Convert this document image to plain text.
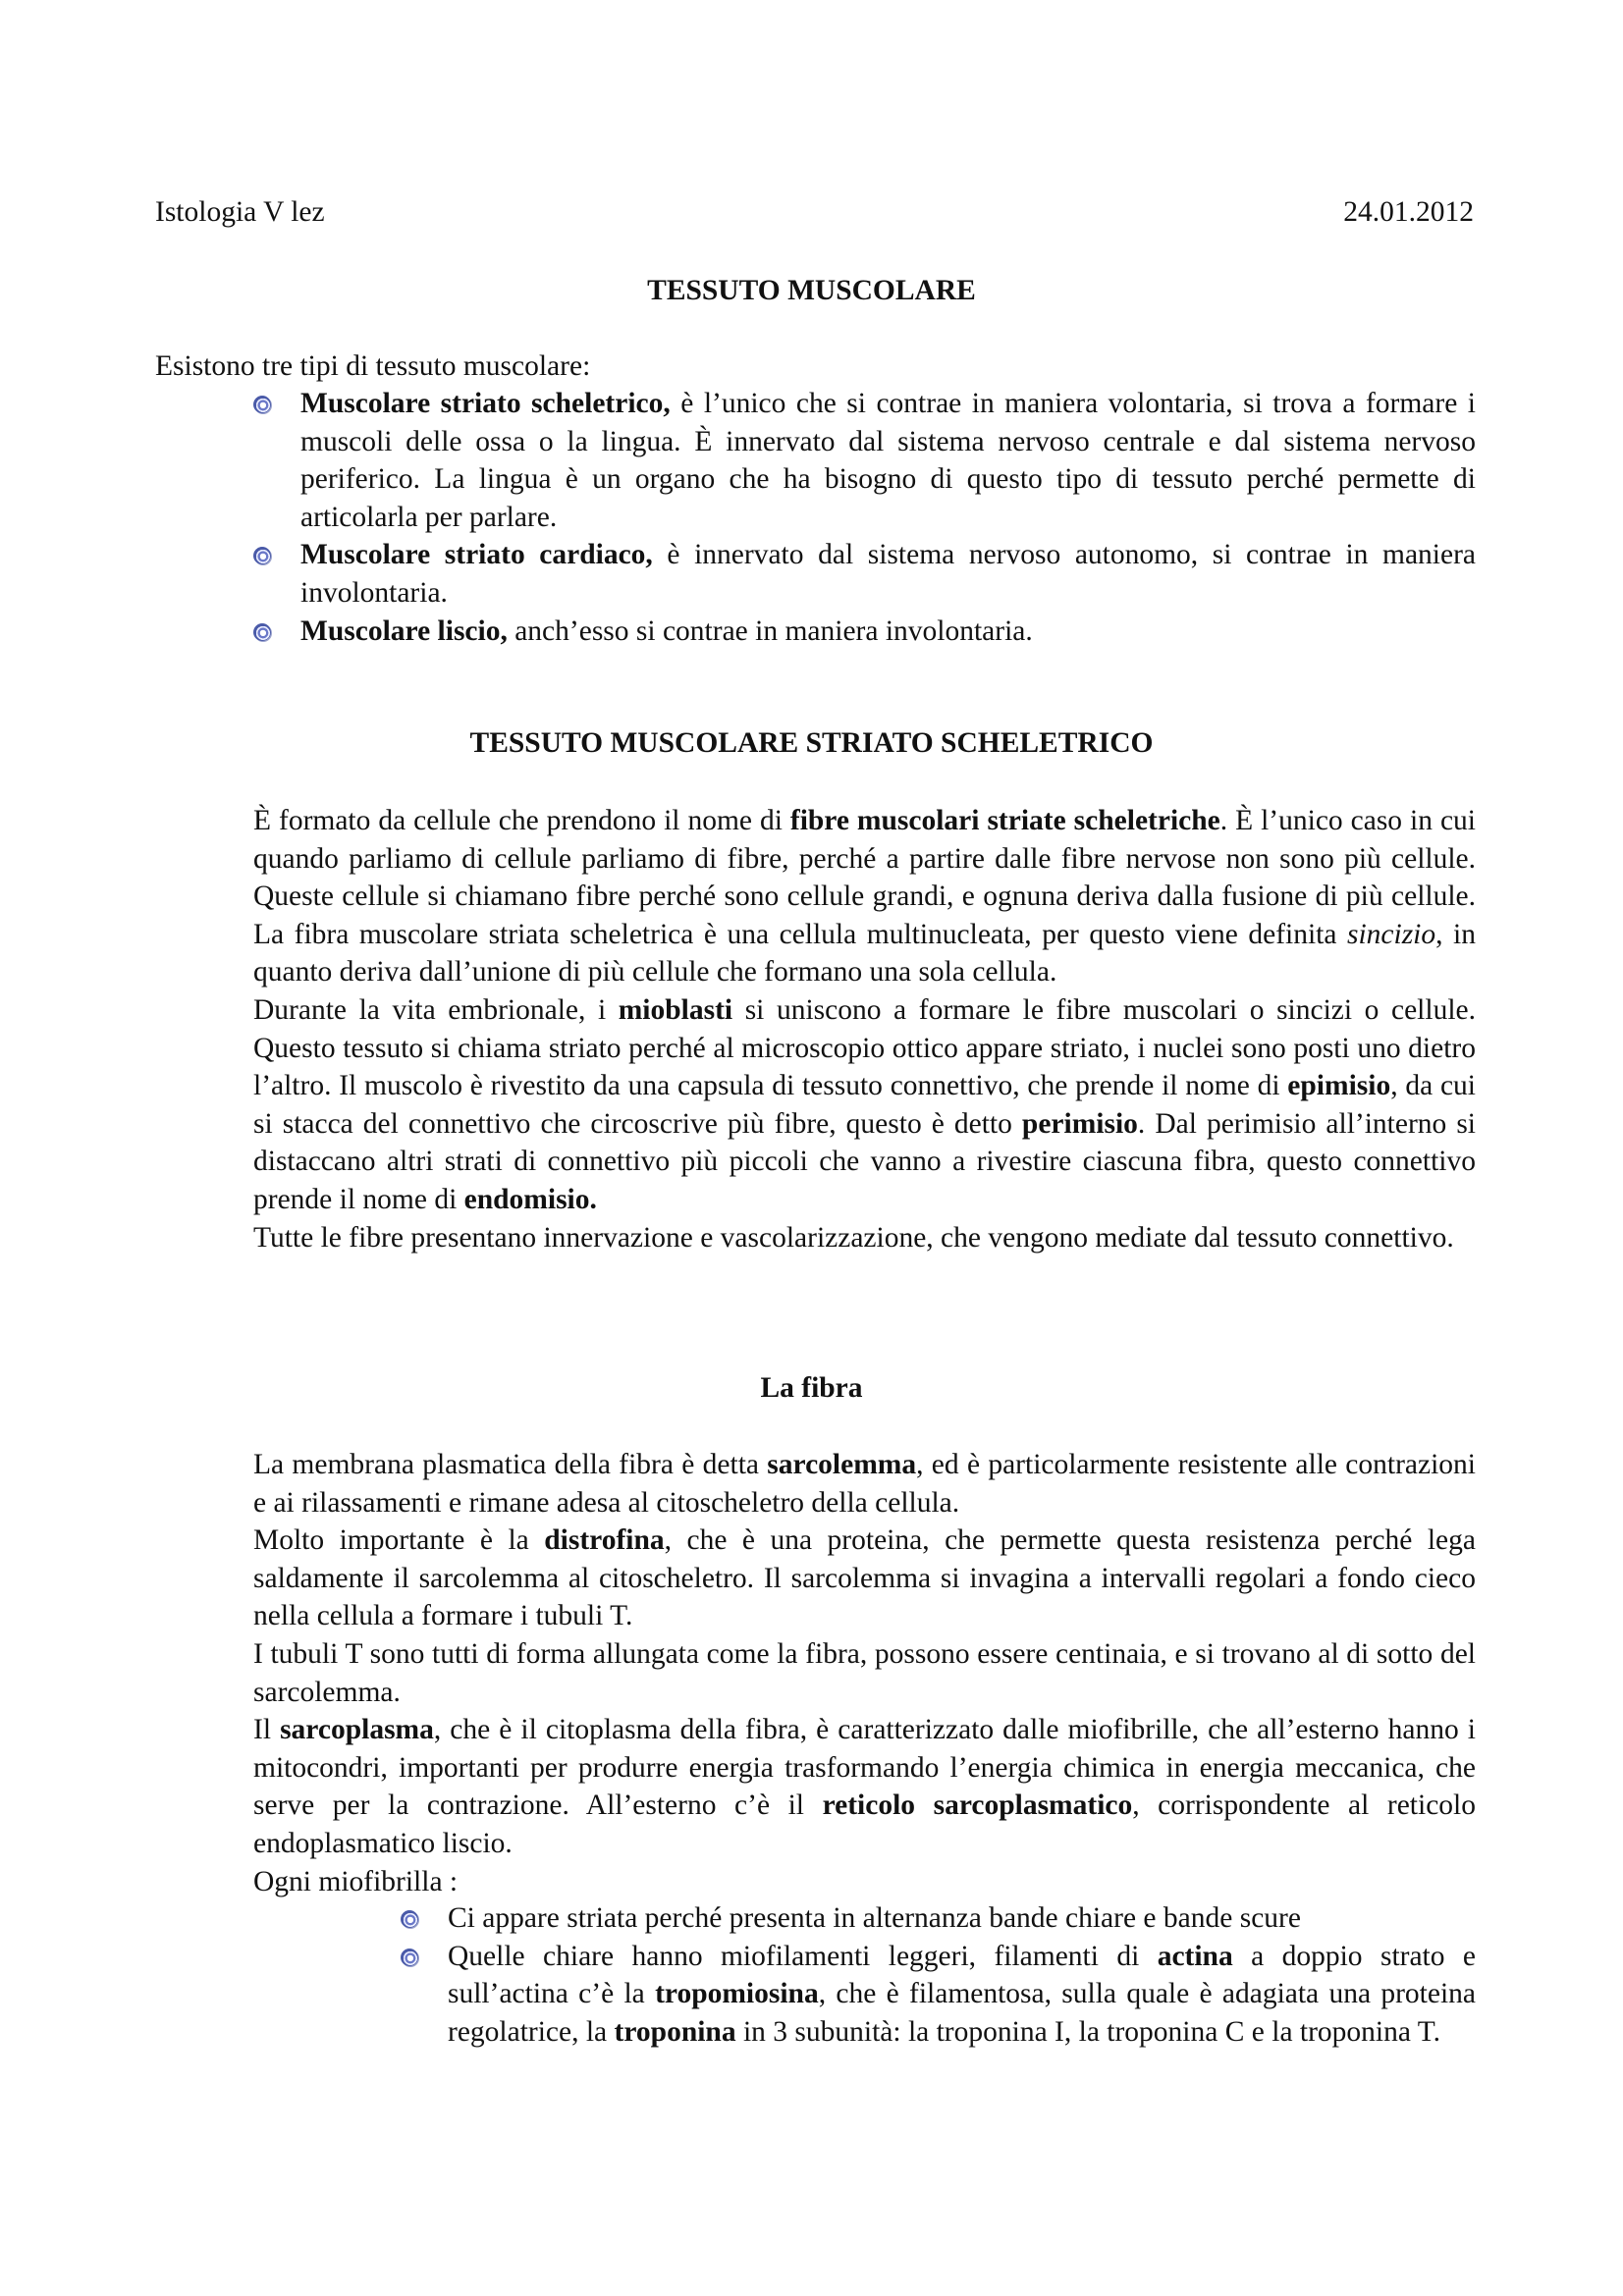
Istologia V lez	24.01.2012
TESSUTO MUSCOLARE
Esistono tre tipi di tessuto muscolare:
Muscolare striato scheletrico, è l’unico che si contrae in maniera volontaria, si trova a formare i muscoli delle ossa o la lingua. È innervato dal sistema nervoso centrale e dal sistema nervoso periferico. La lingua è un organo che ha bisogno di questo tipo di tessuto perché permette di articolarla per parlare.
Muscolare striato cardiaco, è innervato dal sistema nervoso autonomo, si contrae in maniera involontaria.
Muscolare liscio, anch’esso si contrae in maniera involontaria.
TESSUTO MUSCOLARE STRIATO SCHELETRICO

È formato da cellule che prendono il nome di fibre muscolari striate scheletriche. È l’unico caso in cui quando parliamo di cellule parliamo di fibre, perché a partire dalle fibre nervose non sono più cellule. Queste cellule si chiamano fibre perché sono cellule grandi, e ognuna deriva dalla fusione di più cellule. La fibra muscolare striata scheletrica è una cellula multinucleata, per questo viene definita sincizio, in quanto deriva dall’unione di più cellule che formano una sola cellula.

Durante la vita embrionale, i mioblasti si uniscono a formare le fibre muscolari o sincizi o cellule. Questo tessuto si chiama striato perché al microscopio ottico appare striato, i nuclei sono posti uno dietro l’altro. Il muscolo è rivestito da una capsula di tessuto connettivo, che prende il nome di epimisio, da cui si stacca del connettivo che circoscrive più fibre, questo è detto perimisio. Dal perimisio all’interno si distaccano altri strati di connettivo più piccoli che vanno a rivestire ciascuna fibra, questo connettivo prende il nome di endomisio.

Tutte le fibre presentano innervazione e vascolarizzazione, che vengono mediate dal tessuto connettivo.

La fibra

La membrana plasmatica della fibra è detta sarcolemma, ed è particolarmente resistente alle contrazioni e ai rilassamenti e rimane adesa al citoscheletro della cellula.

Molto importante è la distrofina, che è una proteina, che permette questa resistenza perché lega saldamente il sarcolemma al citoscheletro. Il sarcolemma si invagina a intervalli regolari a fondo cieco nella cellula a formare i tubuli T.

I tubuli T sono tutti di forma allungata come la fibra, possono essere centinaia, e si trovano al di sotto del sarcolemma.

Il sarcoplasma, che è il citoplasma della fibra, è caratterizzato dalle miofibrille, che all’esterno hanno i mitocondri, importanti per produrre energia trasformando l’energia chimica in energia meccanica, che serve per la contrazione. All’esterno c’è il reticolo sarcoplasmatico, corrispondente al reticolo endoplasmatico liscio.

Ogni miofibrilla :

Ci appare striata perché presenta in alternanza bande chiare e bande scure
Quelle chiare hanno miofilamenti leggeri, filamenti di actina a doppio strato e sull’actina c’è la tropomiosina, che è filamentosa, sulla quale è adagiata una proteina regolatrice, la troponina in 3 subunità: la troponina I, la troponina C e la troponina T.
